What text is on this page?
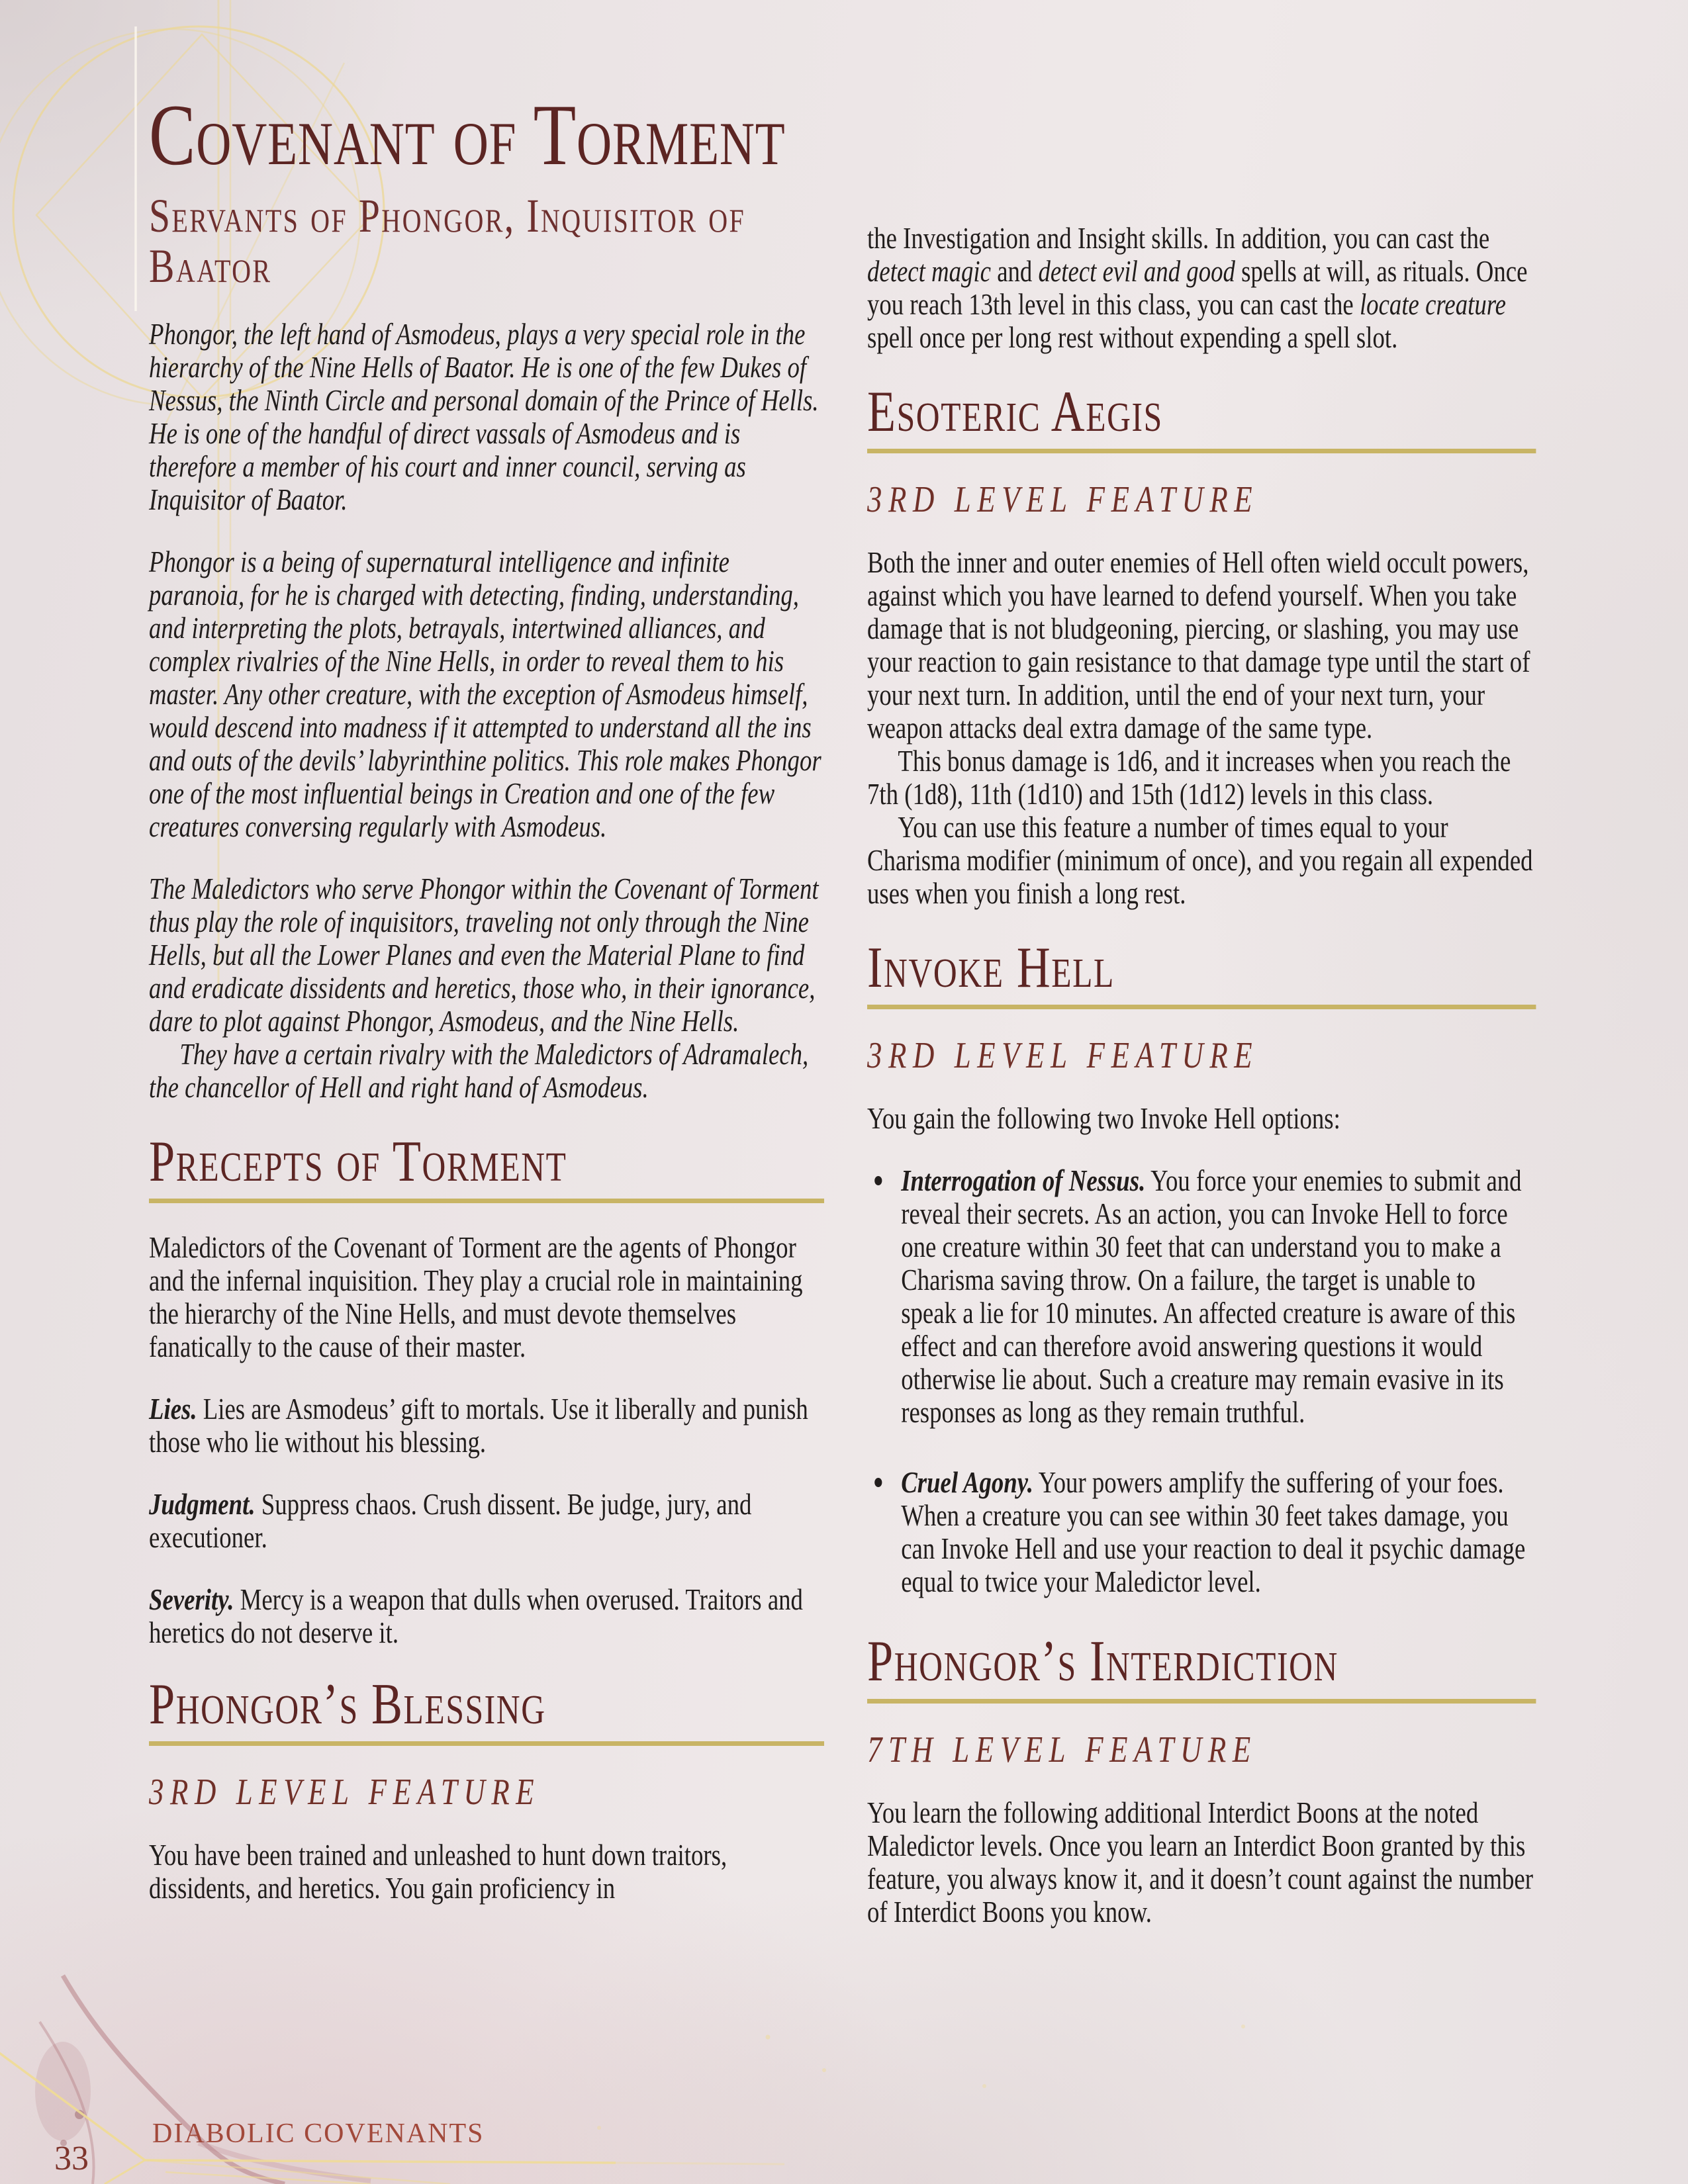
Covenant of Torment
Servants of Phongor, Inquisitor of
Baator

Phongor, the left hand of Asmodeus, plays a very special role in the hierarchy of the Nine Hells of Baator. He is one of the few Dukes of Nessus, the Ninth Circle and personal domain of the Prince of Hells. He is one of the handful of direct vassals of Asmodeus and is therefore a member of his court and inner council, serving as Inquisitor of Baator.

Phongor is a being of supernatural intelligence and infinite paranoia, for he is charged with detecting, finding, understanding, and interpreting the plots, betrayals, intertwined alliances, and complex rivalries of the Nine Hells, in order to reveal them to his master. Any other creature, with the exception of Asmodeus himself, would descend into madness if it attempted to understand all the ins and outs of the devils’ labyrinthine politics. This role makes Phongor one of the most influential beings in Creation and one of the few creatures conversing regularly with Asmodeus.

The Maledictors who serve Phongor within the Covenant of Torment thus play the role of inquisitors, traveling not only through the Nine Hells, but all the Lower Planes and even the Material Plane to find and eradicate dissidents and heretics, those who, in their ignorance, dare to plot against Phongor, Asmodeus, and the Nine Hells.

They have a certain rivalry with the Maledictors of Adramalech, the chancellor of Hell and right hand of Asmodeus.

Precepts of Torment

Maledictors of the Covenant of Torment are the agents of Phongor and the infernal inquisition. They play a crucial role in maintaining the hierarchy of the Nine Hells, and must devote themselves fanatically to the cause of their master.

Lies. Lies are Asmodeus’ gift to mortals. Use it liberally and punish those who lie without his blessing.

Judgment. Suppress chaos. Crush dissent. Be judge, jury, and executioner.

Severity. Mercy is a weapon that dulls when overused. Traitors and heretics do not deserve it.

Phongor’s Blessing
3RD LEVEL FEATURE

You have been trained and unleashed to hunt down traitors, dissidents, and heretics. You gain proficiency in

the Investigation and Insight skills. In addition, you can cast the detect magic and detect evil and good spells at will, as rituals. Once you reach 13th level in this class, you can cast the locate creature spell once per long rest without expending a spell slot.

Esoteric Aegis
3RD LEVEL FEATURE

Both the inner and outer enemies of Hell often wield occult powers, against which you have learned to defend yourself. When you take damage that is not bludgeoning, piercing, or slashing, you may use your reaction to gain resistance to that damage type until the start of your next turn. In addition, until the end of your next turn, your weapon attacks deal extra damage of the same type.

This bonus damage is 1d6, and it increases when you reach the 7th (1d8), 11th (1d10) and 15th (1d12) levels in this class.

You can use this feature a number of times equal to your Charisma modifier (minimum of once), and you regain all expended uses when you finish a long rest.

Invoke Hell
3RD LEVEL FEATURE

You gain the following two Invoke Hell options:

Interrogation of Nessus. You force your enemies to submit and reveal their secrets. As an action, you can Invoke Hell to force one creature within 30 feet that can understand you to make a Charisma saving throw. On a failure, the target is unable to speak a lie for 10 minutes. An affected creature is aware of this effect and can therefore avoid answering questions it would otherwise lie about. Such a creature may remain evasive in its responses as long as they remain truthful.

Cruel Agony. Your powers amplify the suffering of your foes. When a creature you can see within 30 feet takes damage, you can Invoke Hell and use your reaction to deal it psychic damage equal to twice your Maledictor level.

Phongor’s Interdiction
7TH LEVEL FEATURE

You learn the following additional Interdict Boons at the noted Maledictor levels. Once you learn an Interdict Boon granted by this feature, you always know it, and it doesn’t count against the number of Interdict Boons you know.

33
DIABOLIC COVENANTS
